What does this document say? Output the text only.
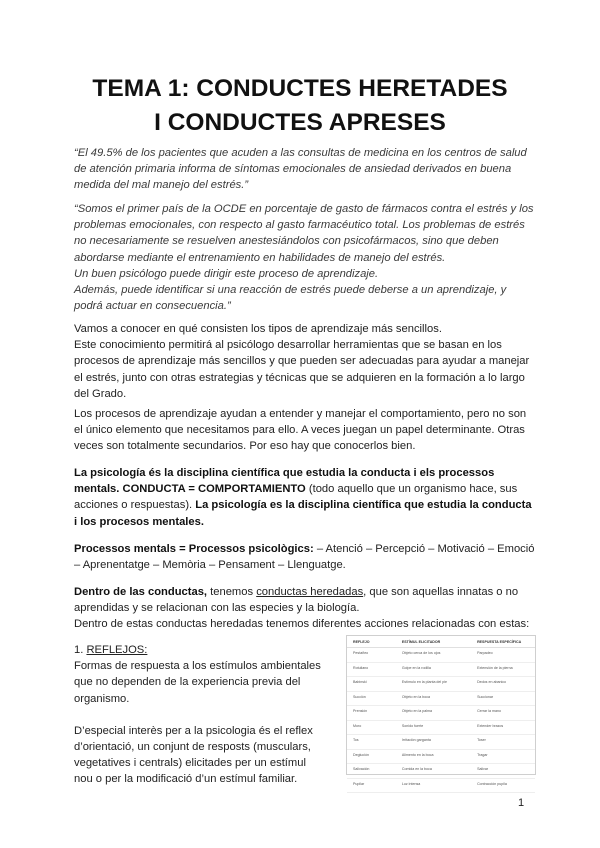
TEMA 1: CONDUCTES HERETADES
I CONDUCTES APRESES

“El 49.5% de los pacientes que acuden a las consultas de medicina en los centros de salud de atención primaria informa de síntomas emocionales de ansiedad derivados en buena medida del mal manejo del estrés.”

“Somos el primer país de la OCDE en porcentaje de gasto de fármacos contra el estrés y los problemas emocionales, con respecto al gasto farmacéutico total. Los problemas de estrés no necesariamente se resuelven anestesiándolos con psicofármacos, sino que deben abordarse mediante el entrenamiento en habilidades de manejo del estrés.
Un buen psicólogo puede dirigir este proceso de aprendizaje.
Además, puede identificar si una reacción de estrés puede deberse a un aprendizaje, y podrá actuar en consecuencia.”

Vamos a conocer en qué consisten los tipos de aprendizaje más sencillos.
Este conocimiento permitirá al psicólogo desarrollar herramientas que se basan en los procesos de aprendizaje más sencillos y que pueden ser adecuadas para ayudar a manejar el estrés, junto con otras estrategias y técnicas que se adquieren en la formación a lo largo del Grado.

Los procesos de aprendizaje ayudan a entender y manejar el comportamiento, pero no son el único elemento que necesitamos para ello. A veces juegan un papel determinante. Otras veces son totalmente secundarios. Por eso hay que conocerlos bien.

La psicología és la disciplina científica que estudia la conducta i els processos mentals. CONDUCTA = COMPORTAMIENTO (todo aquello que un organismo hace, sus acciones o respuestas). La psicología es la disciplina científica que estudia la conducta i los procesos mentales.

Processos mentals = Processos psicològics: – Atenció – Percepció – Motivació – Emoció – Aprenentatge – Memòria – Pensament – Llenguatge.

Dentro de las conductas, tenemos conductas heredadas, que son aquellas innatas o no aprendidas y se relacionan con las especies y la biología.
Dentro de estas conductas heredadas tenemos diferentes acciones relacionadas con estas:

1. REFLEJOS:

Formas de respuesta a los estímulos ambientales que no dependen de la experiencia previa del organismo.

D’especial interès per a la psicologia és el reflex d’orientació, un conjunt de resposts (musculars, vegetatives i centrals) elicitades per un estímul nou o per la modificació d’un estímul familiar.

REFLEJO	ESTÍMUL ELICITADOR	RESPUESTA ESPECÍFICA
Pestañeo	Objeto cerca de los ojos	Parpadeo
Rotuliano	Golpe en la rodilla	Extensión de la pierna
Babinski	Estímulo en la planta del pie	Dedos en abanico
Succión	Objeto en la boca	Succionar
Prensión	Objeto en la palma	Cerrar la mano
Moro	Sonido fuerte	Extender brazos
Tos	Irritación garganta	Toser
Deglución	Alimento en la boca	Tragar
Salivación	Comida en la boca	Salivar
Pupilar	Luz intensa	Contracción pupila
1
